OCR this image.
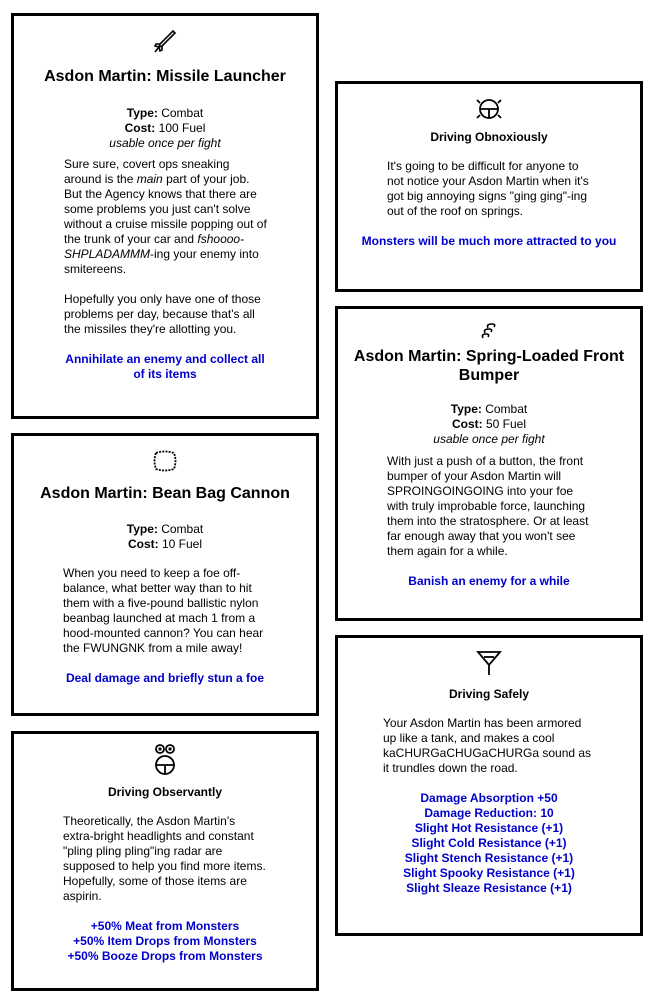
Asdon Martin: Missile Launcher
Type: Combat
Cost: 100 Fuel
usable once per fight

Sure sure, covert ops sneaking around is the main part of your job. But the Agency knows that there are some problems you just can't solve without a cruise missile popping out of the trunk of your car and fshoooo-SHPLADAMMM-ing your enemy into smitereens.

Hopefully you only have one of those problems per day, because that's all the missiles they're allotting you.

Annihilate an enemy and collect all of its items
Asdon Martin: Bean Bag Cannon
Type: Combat
Cost: 10 Fuel

When you need to keep a foe off-balance, what better way than to hit them with a five-pound ballistic nylon beanbag launched at mach 1 from a hood-mounted cannon? You can hear the FWUNGNK from a mile away!

Deal damage and briefly stun a foe
Driving Observantly

Theoretically, the Asdon Martin's extra-bright headlights and constant "pling pling pling"ing radar are supposed to help you find more items. Hopefully, some of those items are aspirin.

+50% Meat from Monsters
+50% Item Drops from Monsters
+50% Booze Drops from Monsters
Driving Obnoxiously

It's going to be difficult for anyone to not notice your Asdon Martin when it's got big annoying signs "ging ging"-ing out of the roof on springs.

Monsters will be much more attracted to you
Asdon Martin: Spring-Loaded Front Bumper
Type: Combat
Cost: 50 Fuel
usable once per fight

With just a push of a button, the front bumper of your Asdon Martin will SPROINGOINGOING into your foe with truly improbable force, launching them into the stratosphere. Or at least far enough away that you won't see them again for a while.

Banish an enemy for a while
Driving Safely

Your Asdon Martin has been armored up like a tank, and makes a cool kaCHURGaCHUGaCHURGa sound as it trundles down the road.

Damage Absorption +50
Damage Reduction: 10
Slight Hot Resistance (+1)
Slight Cold Resistance (+1)
Slight Stench Resistance (+1)
Slight Spooky Resistance (+1)
Slight Sleaze Resistance (+1)
